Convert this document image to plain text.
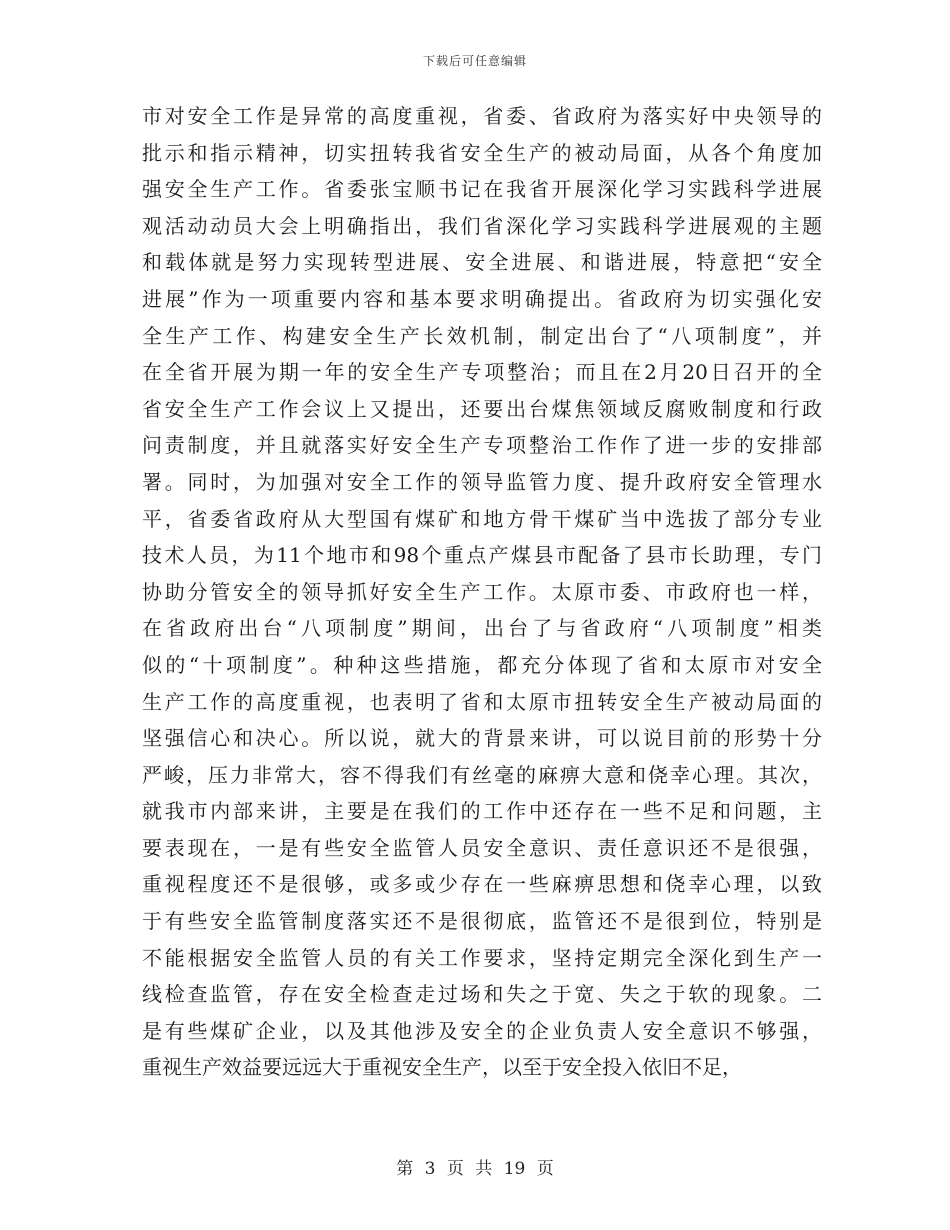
下载后可任意编辑
市对安全工作是异常的高度重视，省委、省政府为落实好中央领导的
批示和指示精神，切实扭转我省安全生产的被动局面，从各个角度加
强安全生产工作。省委张宝顺书记在我省开展深化学习实践科学进展
观活动动员大会上明确指出，我们省深化学习实践科学进展观的主题
和载体就是努力实现转型进展、安全进展、和谐进展，特意把“安全
进展”作为一项重要内容和基本要求明确提出。省政府为切实强化安
全生产工作、构建安全生产长效机制，制定出台了“八项制度”，并
在全省开展为期一年的安全生产专项整治；而且在2月20日召开的全
省安全生产工作会议上又提出，还要出台煤焦领域反腐败制度和行政
问责制度，并且就落实好安全生产专项整治工作作了进一步的安排部
署。同时，为加强对安全工作的领导监管力度、提升政府安全管理水
平，省委省政府从大型国有煤矿和地方骨干煤矿当中选拔了部分专业
技术人员，为11个地市和98个重点产煤县市配备了县市长助理，专门
协助分管安全的领导抓好安全生产工作。太原市委、市政府也一样，
在省政府出台“八项制度”期间，出台了与省政府“八项制度”相类
似的“十项制度”。种种这些措施，都充分体现了省和太原市对安全
生产工作的高度重视，也表明了省和太原市扭转安全生产被动局面的
坚强信心和决心。所以说，就大的背景来讲，可以说目前的形势十分
严峻，压力非常大，容不得我们有丝毫的麻痹大意和侥幸心理。其次，
就我市内部来讲，主要是在我们的工作中还存在一些不足和问题，主
要表现在，一是有些安全监管人员安全意识、责任意识还不是很强，
重视程度还不是很够，或多或少存在一些麻痹思想和侥幸心理，以致
于有些安全监管制度落实还不是很彻底，监管还不是很到位，特别是
不能根据安全监管人员的有关工作要求，坚持定期完全深化到生产一
线检查监管，存在安全检查走过场和失之于宽、失之于软的现象。二
是有些煤矿企业，以及其他涉及安全的企业负责人安全意识不够强，
重视生产效益要远远大于重视安全生产，以至于安全投入依旧不足，
第 3 页 共 19 页
